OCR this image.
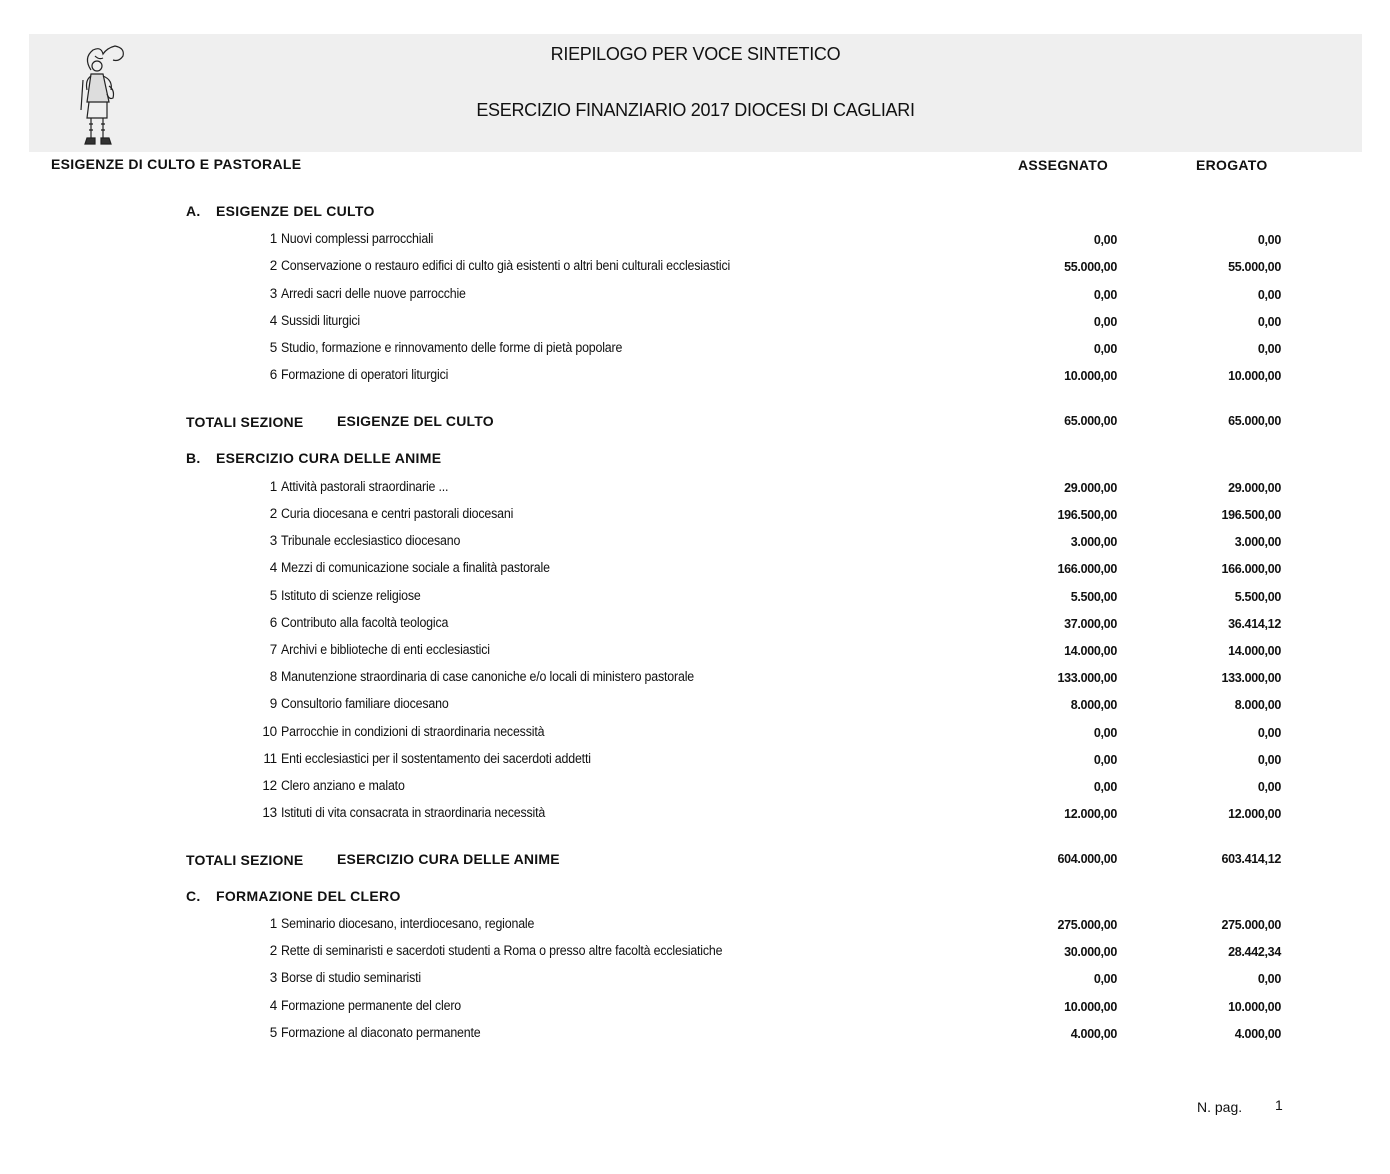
RIEPILOGO PER VOCE SINTETICO
ESERCIZIO FINANZIARIO 2017 DIOCESI DI CAGLIARI
ESIGENZE DI CULTO E PASTORALE	ASSEGNATO	EROGATO
A. ESIGENZE DEL CULTO
1 Nuovi complessi parrocchiali	0,00	0,00
2 Conservazione o restauro edifici di culto già esistenti o altri beni culturali ecclesiastici	55.000,00	55.000,00
3 Arredi sacri delle nuove parrocchie	0,00	0,00
4 Sussidi liturgici	0,00	0,00
5 Studio, formazione e rinnovamento delle forme di pietà popolare	0,00	0,00
6 Formazione di operatori liturgici	10.000,00	10.000,00
TOTALI SEZIONE ESIGENZE DEL CULTO	65.000,00	65.000,00
B. ESERCIZIO CURA DELLE ANIME
1 Attività pastorali straordinarie ...	29.000,00	29.000,00
2 Curia diocesana e centri pastorali diocesani	196.500,00	196.500,00
3 Tribunale ecclesiastico diocesano	3.000,00	3.000,00
4 Mezzi di comunicazione sociale a finalità pastorale	166.000,00	166.000,00
5 Istituto di scienze religiose	5.500,00	5.500,00
6 Contributo alla facoltà teologica	37.000,00	36.414,12
7 Archivi e biblioteche di enti ecclesiastici	14.000,00	14.000,00
8 Manutenzione straordinaria di case canoniche e/o locali di ministero pastorale	133.000,00	133.000,00
9 Consultorio familiare diocesano	8.000,00	8.000,00
10 Parrocchie in condizioni di straordinaria necessità	0,00	0,00
11 Enti ecclesiastici per il sostentamento dei sacerdoti addetti	0,00	0,00
12 Clero anziano e malato	0,00	0,00
13 Istituti di vita consacrata in straordinaria necessità	12.000,00	12.000,00
TOTALI SEZIONE ESERCIZIO CURA DELLE ANIME	604.000,00	603.414,12
C. FORMAZIONE DEL CLERO
1 Seminario diocesano, interdiocesano, regionale	275.000,00	275.000,00
2 Rette di seminaristi e sacerdoti studenti a Roma o presso altre facoltà ecclesiatiche	30.000,00	28.442,34
3 Borse di studio seminaristi	0,00	0,00
4 Formazione permanente del clero	10.000,00	10.000,00
5 Formazione al diaconato permanente	4.000,00	4.000,00
N. pag. 1
